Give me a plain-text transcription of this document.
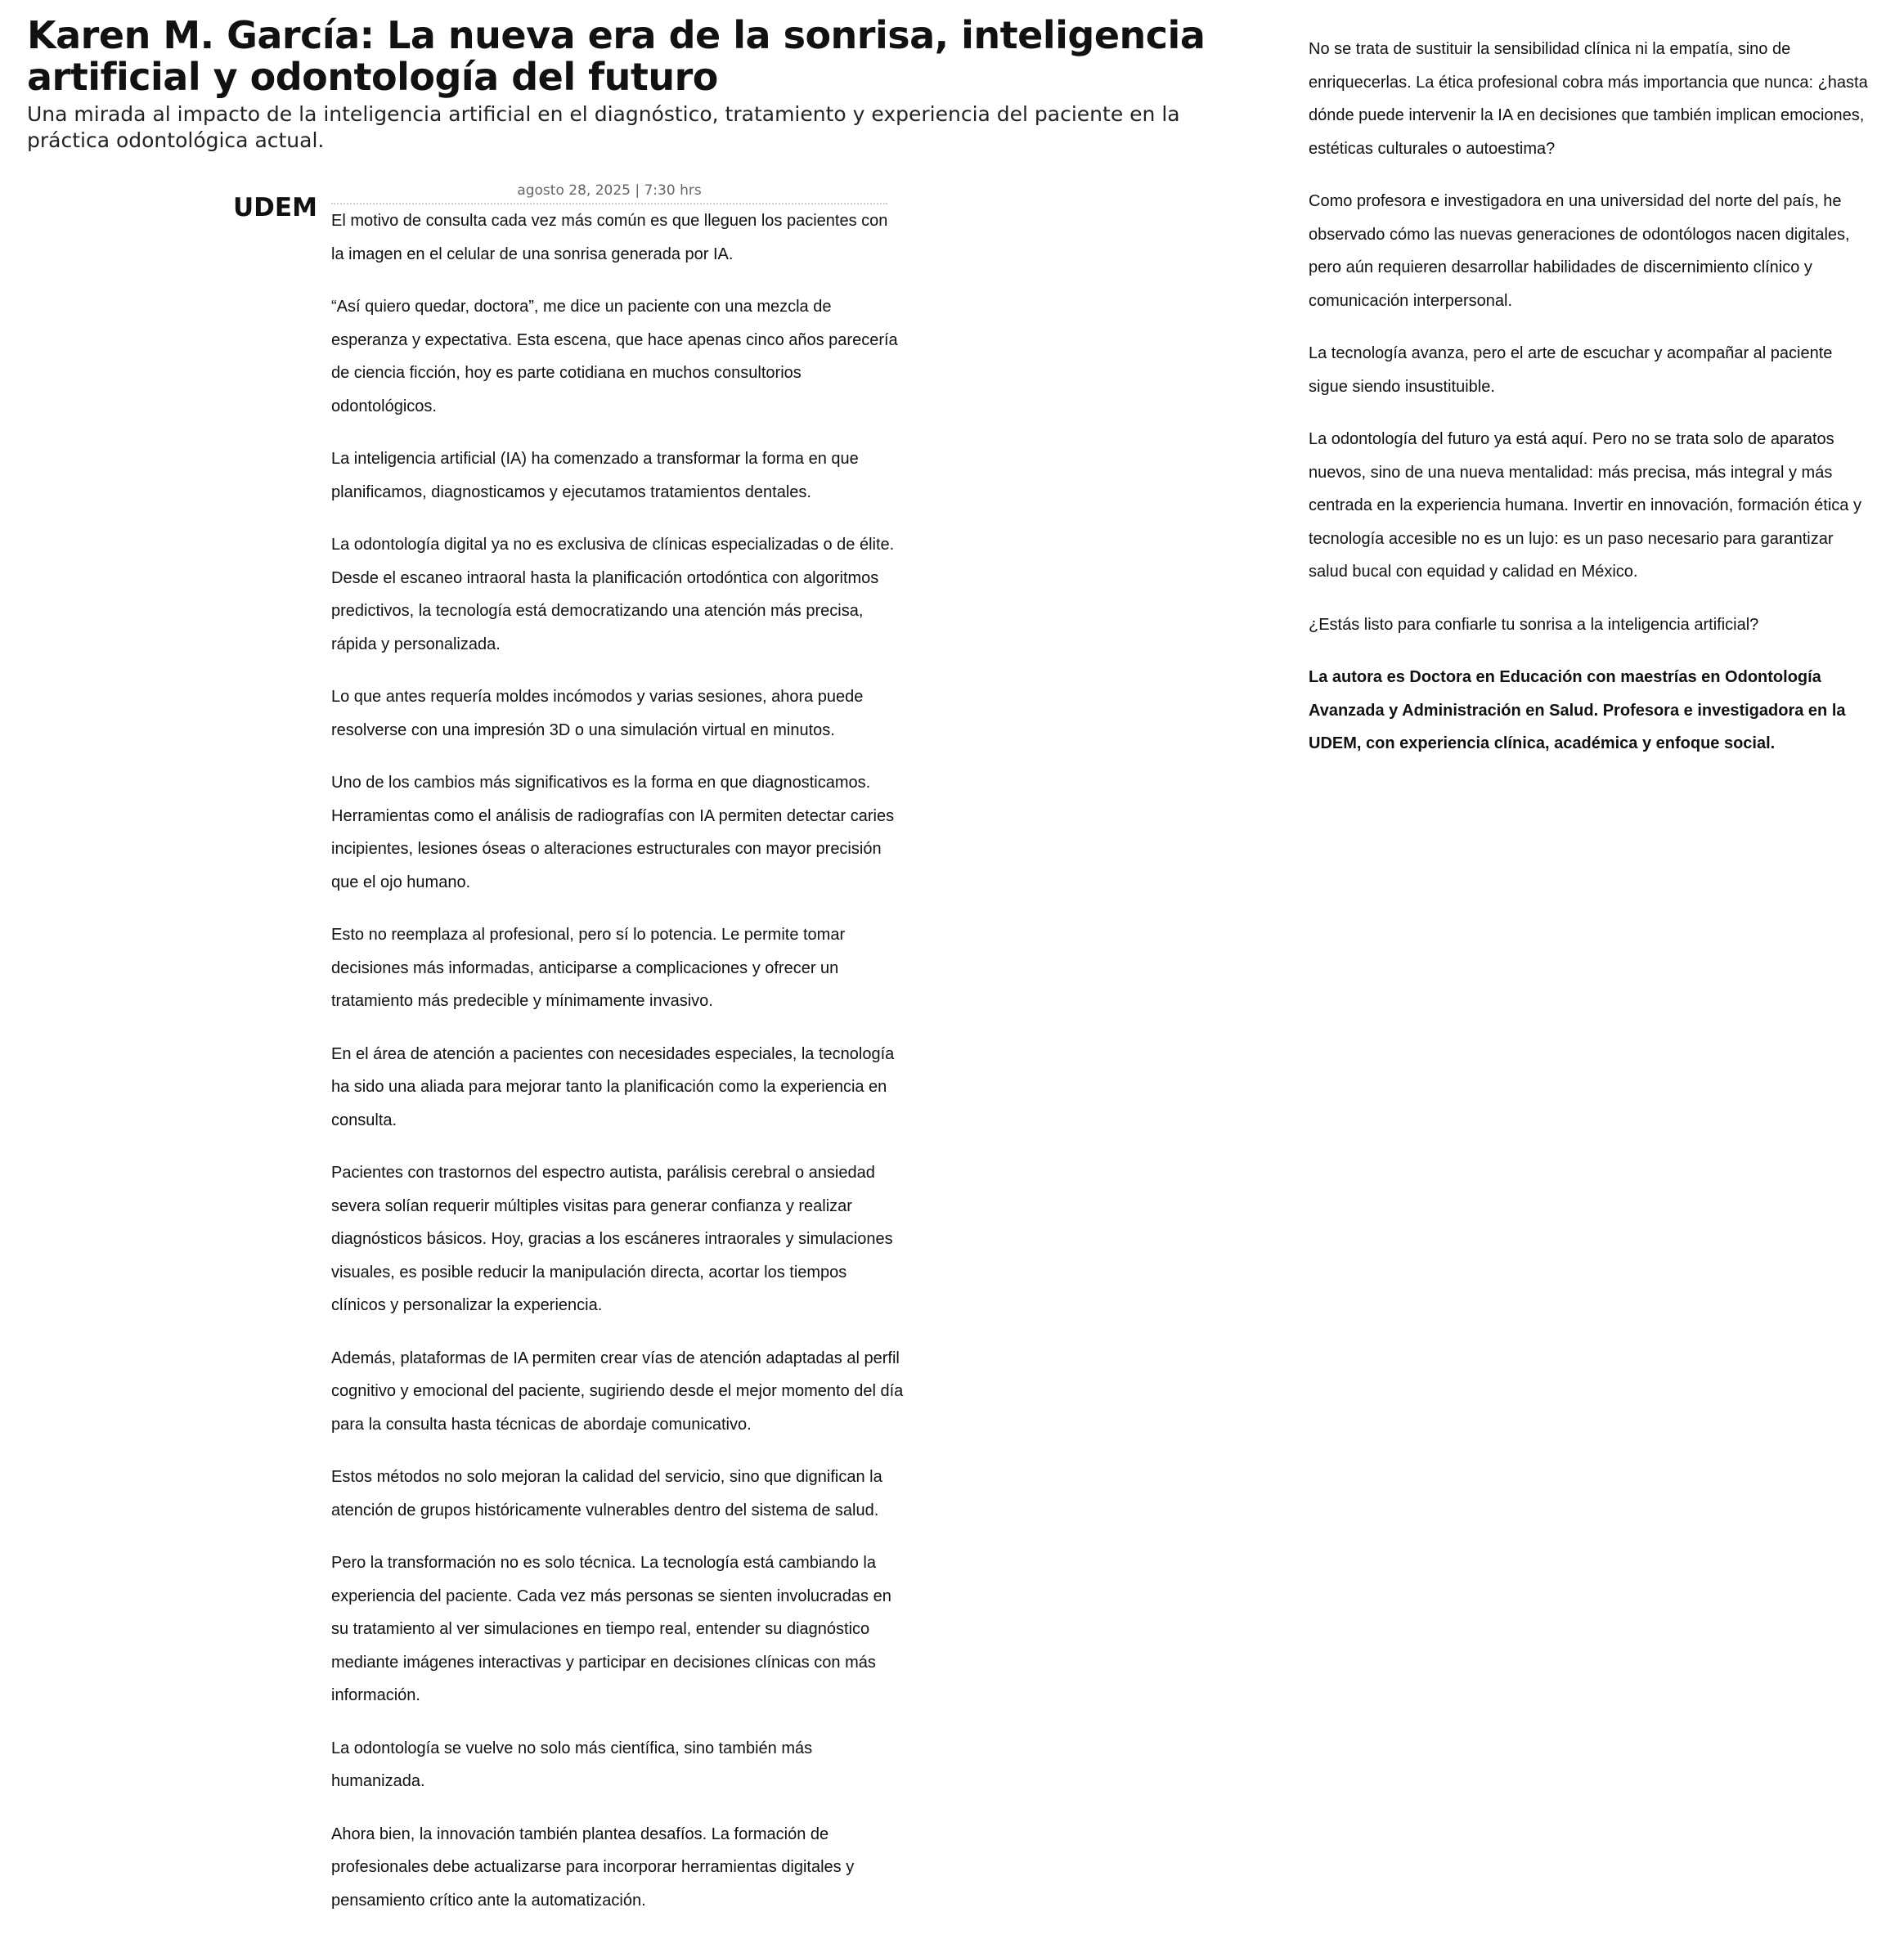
Karen M. García: La nueva era de la sonrisa, inteligencia artificial y odontología del futuro

Una mirada al impacto de la inteligencia artificial en el diagnóstico, tratamiento y experiencia del paciente en la práctica odontológica actual.

UDEM
agosto 28, 2025 | 7:30 hrs

El motivo de consulta cada vez más común es que lleguen los pacientes con la imagen en el celular de una sonrisa generada por IA.

“Así quiero quedar, doctora”, me dice un paciente con una mezcla de esperanza y expectativa. Esta escena, que hace apenas cinco años parecería de ciencia ficción, hoy es parte cotidiana en muchos consultorios odontológicos.

La inteligencia artificial (IA) ha comenzado a transformar la forma en que planificamos, diagnosticamos y ejecutamos tratamientos dentales.

La odontología digital ya no es exclusiva de clínicas especializadas o de élite. Desde el escaneo intraoral hasta la planificación ortodóntica con algoritmos predictivos, la tecnología está democratizando una atención más precisa, rápida y personalizada.

Lo que antes requería moldes incómodos y varias sesiones, ahora puede resolverse con una impresión 3D o una simulación virtual en minutos.

Uno de los cambios más significativos es la forma en que diagnosticamos. Herramientas como el análisis de radiografías con IA permiten detectar caries incipientes, lesiones óseas o alteraciones estructurales con mayor precisión que el ojo humano.

Esto no reemplaza al profesional, pero sí lo potencia. Le permite tomar decisiones más informadas, anticiparse a complicaciones y ofrecer un tratamiento más predecible y mínimamente invasivo.

En el área de atención a pacientes con necesidades especiales, la tecnología ha sido una aliada para mejorar tanto la planificación como la experiencia en consulta.

Pacientes con trastornos del espectro autista, parálisis cerebral o ansiedad severa solían requerir múltiples visitas para generar confianza y realizar diagnósticos básicos. Hoy, gracias a los escáneres intraorales y simulaciones visuales, es posible reducir la manipulación directa, acortar los tiempos clínicos y personalizar la experiencia.

Además, plataformas de IA permiten crear vías de atención adaptadas al perfil cognitivo y emocional del paciente, sugiriendo desde el mejor momento del día para la consulta hasta técnicas de abordaje comunicativo.

Estos métodos no solo mejoran la calidad del servicio, sino que dignifican la atención de grupos históricamente vulnerables dentro del sistema de salud.

Pero la transformación no es solo técnica. La tecnología está cambiando la experiencia del paciente. Cada vez más personas se sienten involucradas en su tratamiento al ver simulaciones en tiempo real, entender su diagnóstico mediante imágenes interactivas y participar en decisiones clínicas con más información.

La odontología se vuelve no solo más científica, sino también más humanizada.

Ahora bien, la innovación también plantea desafíos. La formación de profesionales debe actualizarse para incorporar herramientas digitales y pensamiento crítico ante la automatización.

No se trata de sustituir la sensibilidad clínica ni la empatía, sino de enriquecerlas. La ética profesional cobra más importancia que nunca: ¿hasta dónde puede intervenir la IA en decisiones que también implican emociones, estéticas culturales o autoestima?

Como profesora e investigadora en una universidad del norte del país, he observado cómo las nuevas generaciones de odontólogos nacen digitales, pero aún requieren desarrollar habilidades de discernimiento clínico y comunicación interpersonal.

La tecnología avanza, pero el arte de escuchar y acompañar al paciente sigue siendo insustituible.

La odontología del futuro ya está aquí. Pero no se trata solo de aparatos nuevos, sino de una nueva mentalidad: más precisa, más integral y más centrada en la experiencia humana. Invertir en innovación, formación ética y tecnología accesible no es un lujo: es un paso necesario para garantizar salud bucal con equidad y calidad en México.

¿Estás listo para confiarle tu sonrisa a la inteligencia artificial?

La autora es Doctora en Educación con maestrías en Odontología Avanzada y Administración en Salud. Profesora e investigadora en la UDEM, con experiencia clínica, académica y enfoque social.
